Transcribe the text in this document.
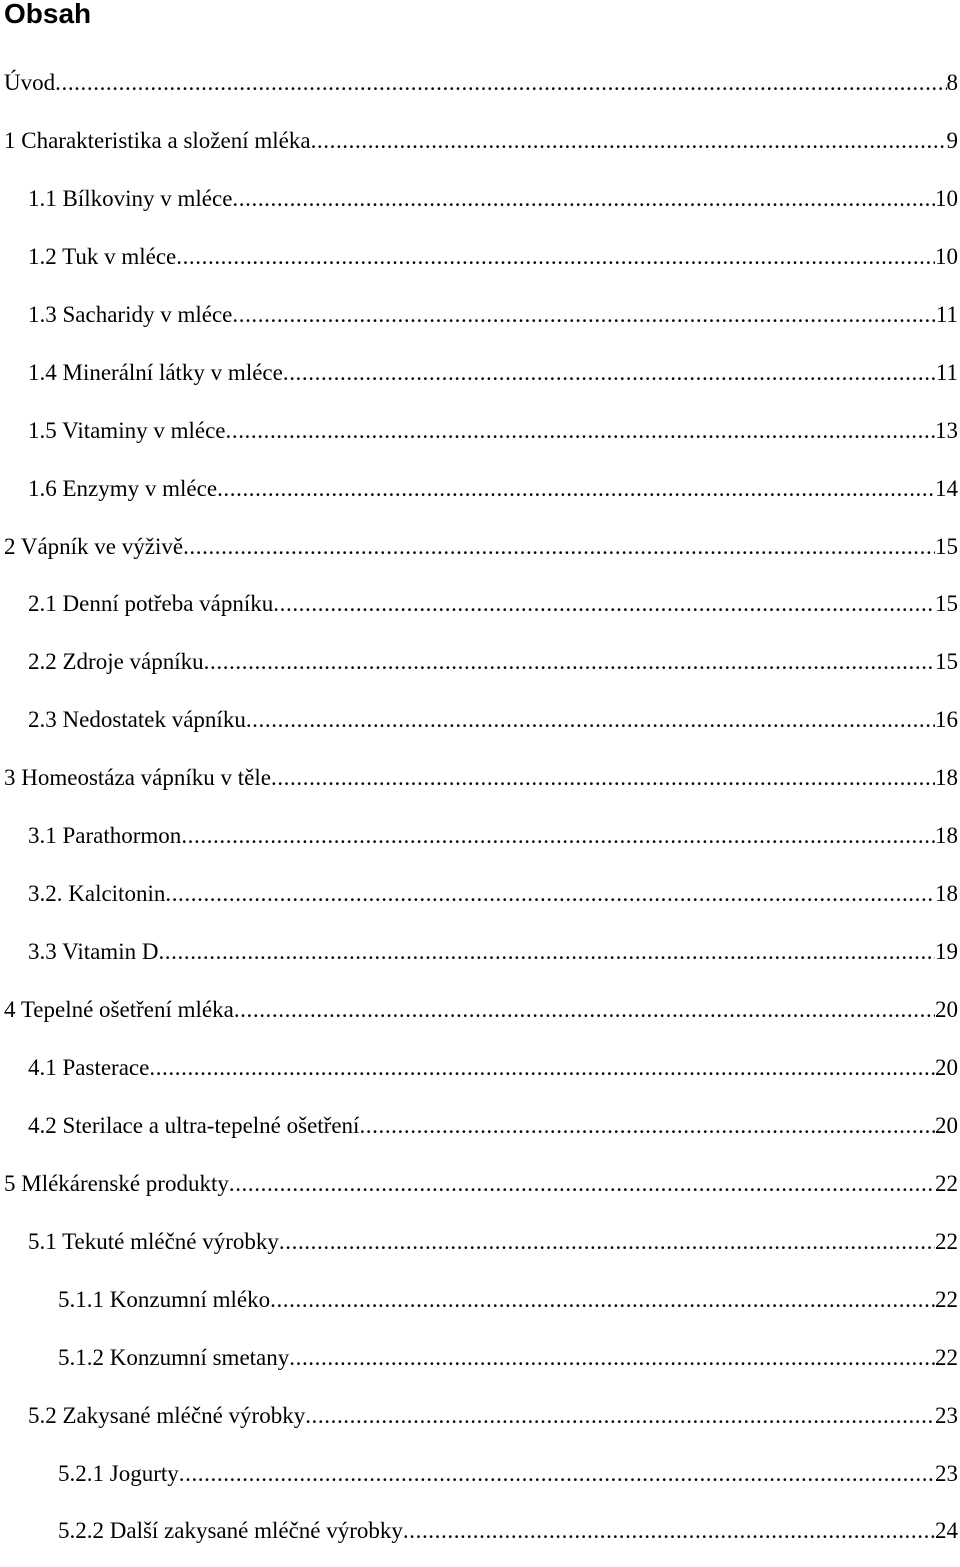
Obsah
Úvod .....	8
1 Charakteristika a složení mléka .....	9
1.1 Bílkoviny v mléce .....	10
1.2 Tuk v mléce .....	10
1.3 Sacharidy v mléce .....	11
1.4 Minerální látky v mléce .....	11
1.5 Vitaminy v mléce .....	13
1.6 Enzymy v mléce .....	14
2 Vápník ve výživě .....	15
2.1 Denní potřeba vápníku .....	15
2.2 Zdroje vápníku .....	15
2.3 Nedostatek vápníku .....	16
3 Homeostáza vápníku v těle .....	18
3.1 Parathormon .....	18
3.2. Kalcitonin .....	18
3.3 Vitamin D .....	19
4 Tepelné ošetření mléka .....	20
4.1 Pasterace .....	20
4.2 Sterilace a ultra-tepelné ošetření .....	20
5 Mlékárenské produkty .....	22
5.1 Tekuté mléčné výrobky .....	22
5.1.1 Konzumní mléko .....	22
5.1.2 Konzumní smetany .....	22
5.2 Zakysané mléčné výrobky .....	23
5.2.1 Jogurty .....	23
5.2.2 Další zakysané mléčné výrobky .....	24
